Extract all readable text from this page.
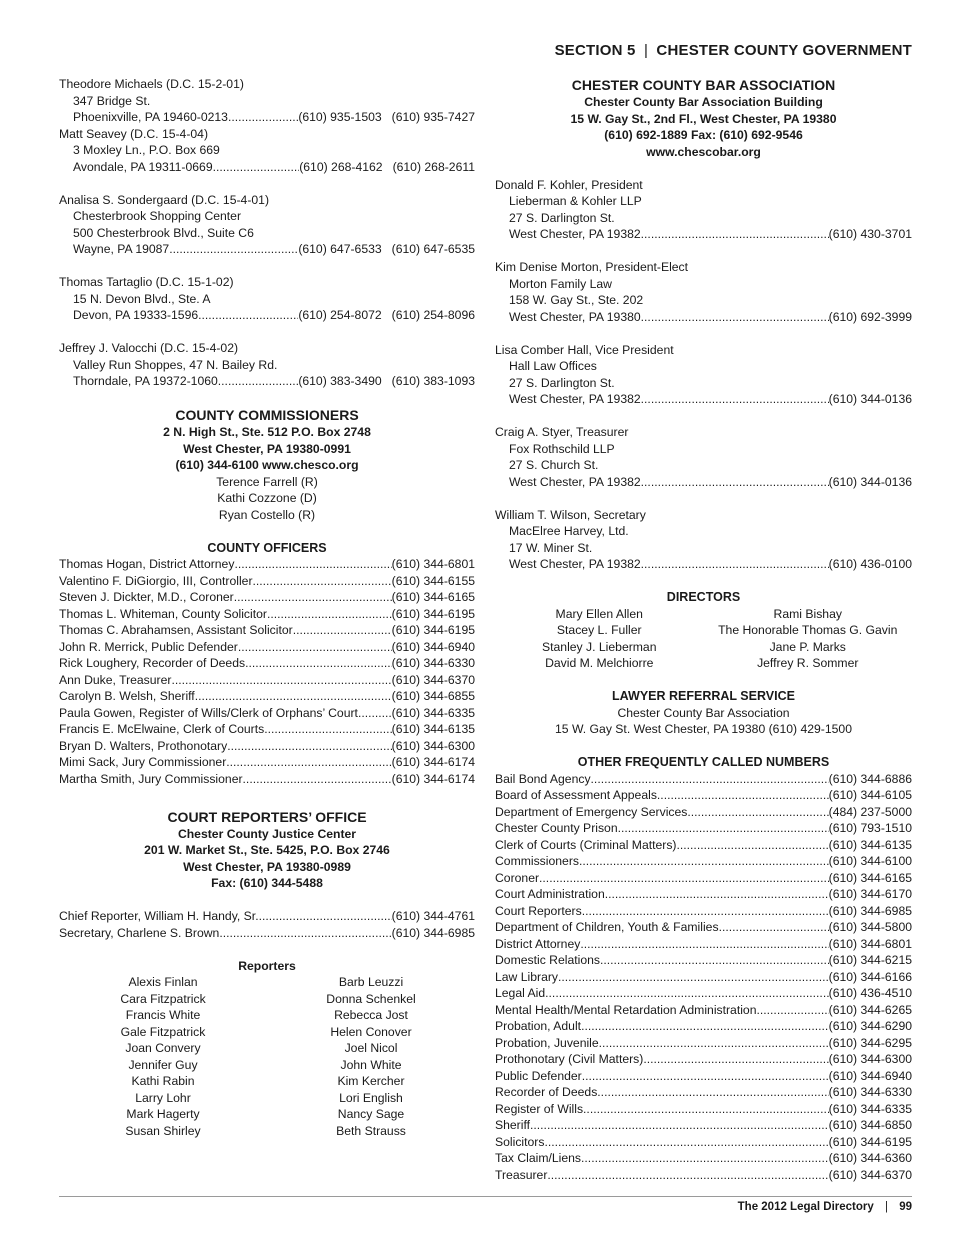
SECTION 5 | CHESTER COUNTY GOVERNMENT
Theodore Michaels (D.C. 15-2-01)
347 Bridge St.
Phoenixville, PA 19460-0213 .....	(610) 935-1503 (610) 935-7427
Matt Seavey (D.C. 15-4-04)
3 Moxley Ln., P.O. Box 669
Avondale, PA 19311-0669 .....	(610) 268-4162 (610) 268-2611
Analisa S. Sondergaard (D.C. 15-4-01)
Chesterbrook Shopping Center
500 Chesterbrook Blvd., Suite C6
Wayne, PA 19087 .....	(610) 647-6533 (610) 647-6535
Thomas Tartaglio (D.C. 15-1-02)
15 N. Devon Blvd., Ste. A
Devon, PA 19333-1596 .....	(610) 254-8072 (610) 254-8096
Jeffrey J. Valocchi (D.C. 15-4-02)
Valley Run Shoppes, 47 N. Bailey Rd.
Thorndale, PA 19372-1060 .....	(610) 383-3490 (610) 383-1093
COUNTY COMMISSIONERS
2 N. High St., Ste. 512 P.O. Box 2748
West Chester, PA 19380-0991
(610) 344-6100 www.chesco.org
Terence Farrell (R)
Kathi Cozzone (D)
Ryan Costello (R)
COUNTY OFFICERS
Thomas Hogan, District Attorney .....	(610) 344-6801
Valentino F. DiGiorgio, III, Controller .....	(610) 344-6155
Steven J. Dickter, M.D., Coroner .....	(610) 344-6165
Thomas L. Whiteman, County Solicitor .....	(610) 344-6195
Thomas C. Abrahamsen, Assistant Solicitor .....	(610) 344-6195
John R. Merrick, Public Defender .....	(610) 344-6940
Rick Loughery, Recorder of Deeds .....	(610) 344-6330
Ann Duke, Treasurer .....	(610) 344-6370
Carolyn B. Welsh, Sheriff .....	(610) 344-6855
Paula Gowen, Register of Wills/Clerk of Orphans’ Court .....	(610) 344-6335
Francis E. McElwaine, Clerk of Courts .....	(610) 344-6135
Bryan D. Walters, Prothonotary .....	(610) 344-6300
Mimi Sack, Jury Commissioner .....	(610) 344-6174
Martha Smith, Jury Commissioner .....	(610) 344-6174
COURT REPORTERS’ OFFICE
Chester County Justice Center
201 W. Market St., Ste. 5425, P.O. Box 2746
West Chester, PA 19380-0989
Fax: (610) 344-5488
Chief Reporter, William H. Handy, Sr. .....	(610) 344-4761
Secretary, Charlene S. Brown .....	(610) 344-6985
Reporters
Alexis Finlan	Barb Leuzzi
Cara Fitzpatrick	Donna Schenkel
Francis White	Rebecca Jost
Gale Fitzpatrick	Helen Conover
Joan Convery	Joel Nicol
Jennifer Guy	John White
Kathi Rabin	Kim Kercher
Larry Lohr	Lori English
Mark Hagerty	Nancy Sage
Susan Shirley	Beth Strauss
CHESTER COUNTY BAR ASSOCIATION
Chester County Bar Association Building
15 W. Gay St., 2nd Fl., West Chester, PA 19380
(610) 692-1889 Fax: (610) 692-9546
www.chescobar.org
Donald F. Kohler, President
Lieberman & Kohler LLP
27 S. Darlington St.
West Chester, PA 19382 .....	(610) 430-3701
Kim Denise Morton, President-Elect
Morton Family Law
158 W. Gay St., Ste. 202
West Chester, PA 19380 .....	(610) 692-3999
Lisa Comber Hall, Vice President
Hall Law Offices
27 S. Darlington St.
West Chester, PA 19382 .....	(610) 344-0136
Craig A. Styer, Treasurer
Fox Rothschild LLP
27 S. Church St.
West Chester, PA 19382 .....	(610) 344-0136
William T. Wilson, Secretary
MacElree Harvey, Ltd.
17 W. Miner St.
West Chester, PA 19382 .....	(610) 436-0100
DIRECTORS
Mary Ellen Allen	Rami Bishay
Stacey L. Fuller	The Honorable Thomas G. Gavin
Stanley J. Lieberman	Jane P. Marks
David M. Melchiorre	Jeffrey R. Sommer
LAWYER REFERRAL SERVICE
Chester County Bar Association
15 W. Gay St. West Chester, PA 19380 (610) 429-1500
OTHER FREQUENTLY CALLED NUMBERS
Bail Bond Agency .....	(610) 344-6886
Board of Assessment Appeals .....	(610) 344-6105
Department of Emergency Services .....	(484) 237-5000
Chester County Prison .....	(610) 793-1510
Clerk of Courts (Criminal Matters) .....	(610) 344-6135
Commissioners .....	(610) 344-6100
Coroner .....	(610) 344-6165
Court Administration .....	(610) 344-6170
Court Reporters .....	(610) 344-6985
Department of Children, Youth & Families .....	(610) 344-5800
District Attorney .....	(610) 344-6801
Domestic Relations .....	(610) 344-6215
Law Library .....	(610) 344-6166
Legal Aid .....	(610) 436-4510
Mental Health/Mental Retardation Administration .....	(610) 344-6265
Probation, Adult .....	(610) 344-6290
Probation, Juvenile .....	(610) 344-6295
Prothonotary (Civil Matters) .....	(610) 344-6300
Public Defender .....	(610) 344-6940
Recorder of Deeds .....	(610) 344-6330
Register of Wills .....	(610) 344-6335
Sheriff .....	(610) 344-6850
Solicitors .....	(610) 344-6195
Tax Claim/Liens .....	(610) 344-6360
Treasurer .....	(610) 344-6370
The 2012 Legal Directory | 99
